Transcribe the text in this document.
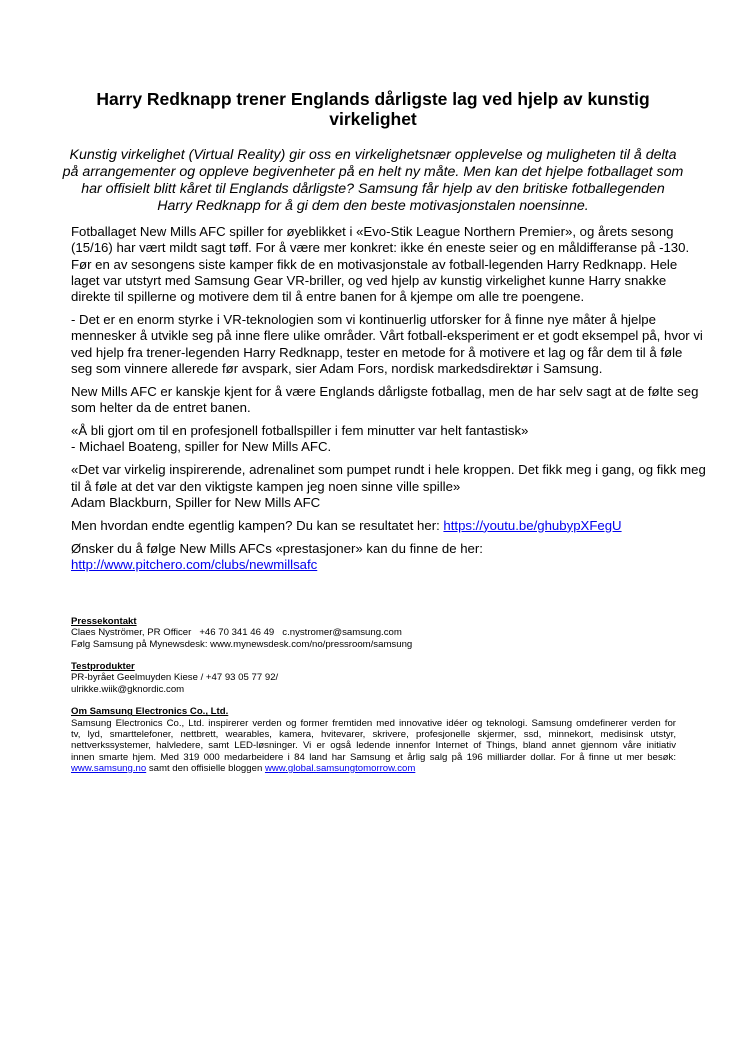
Harry Redknapp trener Englands dårligste lag ved hjelp av kunstig
virkelighet
Kunstig virkelighet (Virtual Reality) gir oss en virkelighetsnær opplevelse og muligheten til å delta
på arrangementer og oppleve begivenheter på en helt ny måte. Men kan det hjelpe fotballaget som
har offisielt blitt kåret til Englands dårligste? Samsung får hjelp av den britiske fotballegenden
Harry Redknapp for å gi dem den beste motivasjonstalen noensinne.
Fotballaget New Mills AFC spiller for øyeblikket i «Evo-Stik League Northern Premier», og årets sesong
(15/16) har vært mildt sagt tøff. For å være mer konkret: ikke én eneste seier og en måldifferanse på -130.
Før en av sesongens siste kamper fikk de en motivasjonstale av fotball-legenden Harry Redknapp. Hele
laget var utstyrt med Samsung Gear VR-briller, og ved hjelp av kunstig virkelighet kunne Harry snakke
direkte til spillerne og motivere dem til å entre banen for å kjempe om alle tre poengene.
- Det er en enorm styrke i VR-teknologien som vi kontinuerlig utforsker for å finne nye måter å hjelpe
mennesker å utvikle seg på inne flere ulike områder. Vårt fotball-eksperiment er et godt eksempel på, hvor vi
ved hjelp fra trener-legenden Harry Redknapp, tester en metode for å motivere et lag og får dem til å føle
seg som vinnere allerede før avspark, sier Adam Fors, nordisk markedsdirektør i Samsung.
New Mills AFC er kanskje kjent for å være Englands dårligste fotballag, men de har selv sagt at de følte seg
som helter da de entret banen.
«Å bli gjort om til en profesjonell fotballspiller i fem minutter var helt fantastisk»
- Michael Boateng, spiller for New Mills AFC.
«Det var virkelig inspirerende, adrenalinet som pumpet rundt i hele kroppen. Det fikk meg i gang, og fikk meg
til å føle at det var den viktigste kampen jeg noen sinne ville spille»
Adam Blackburn, Spiller for New Mills AFC
Men hvordan endte egentlig kampen? Du kan se resultatet her: https://youtu.be/ghubypXFegU
Ønsker du å følge New Mills AFCs «prestasjoner» kan du finne de her:
http://www.pitchero.com/clubs/newmillsafc
Pressekontakt
Claes Nyströmer, PR Officer +46 70 341 46 49 c.nystromer@samsung.com
Følg Samsung på Mynewsdesk: www.mynewsdesk.com/no/pressroom/samsung
Testprodukter
PR-byrået Geelmuyden Kiese / +47 93 05 77 92/
ulrikke.wiik@gknordic.com
Om Samsung Electronics Co., Ltd.
Samsung Electronics Co., Ltd. inspirerer verden og former fremtiden med innovative idéer og teknologi. Samsung omdefinerer verden for
tv, lyd, smarttelefoner, nettbrett, wearables, kamera, hvitevarer, skrivere, profesjonelle skjermer, ssd, minnekort, medisinsk utstyr,
nettverkssystemer, halvledere, samt LED-løsninger. Vi er også ledende innenfor Internet of Things, bland annet gjennom våre initiativ
innen smarte hjem. Med 319 000 medarbeidere i 84 land har Samsung et årlig salg på 196 milliarder dollar. For å finne ut mer besøk:
www.samsung.no samt den offisielle bloggen www.global.samsungtomorrow.com
